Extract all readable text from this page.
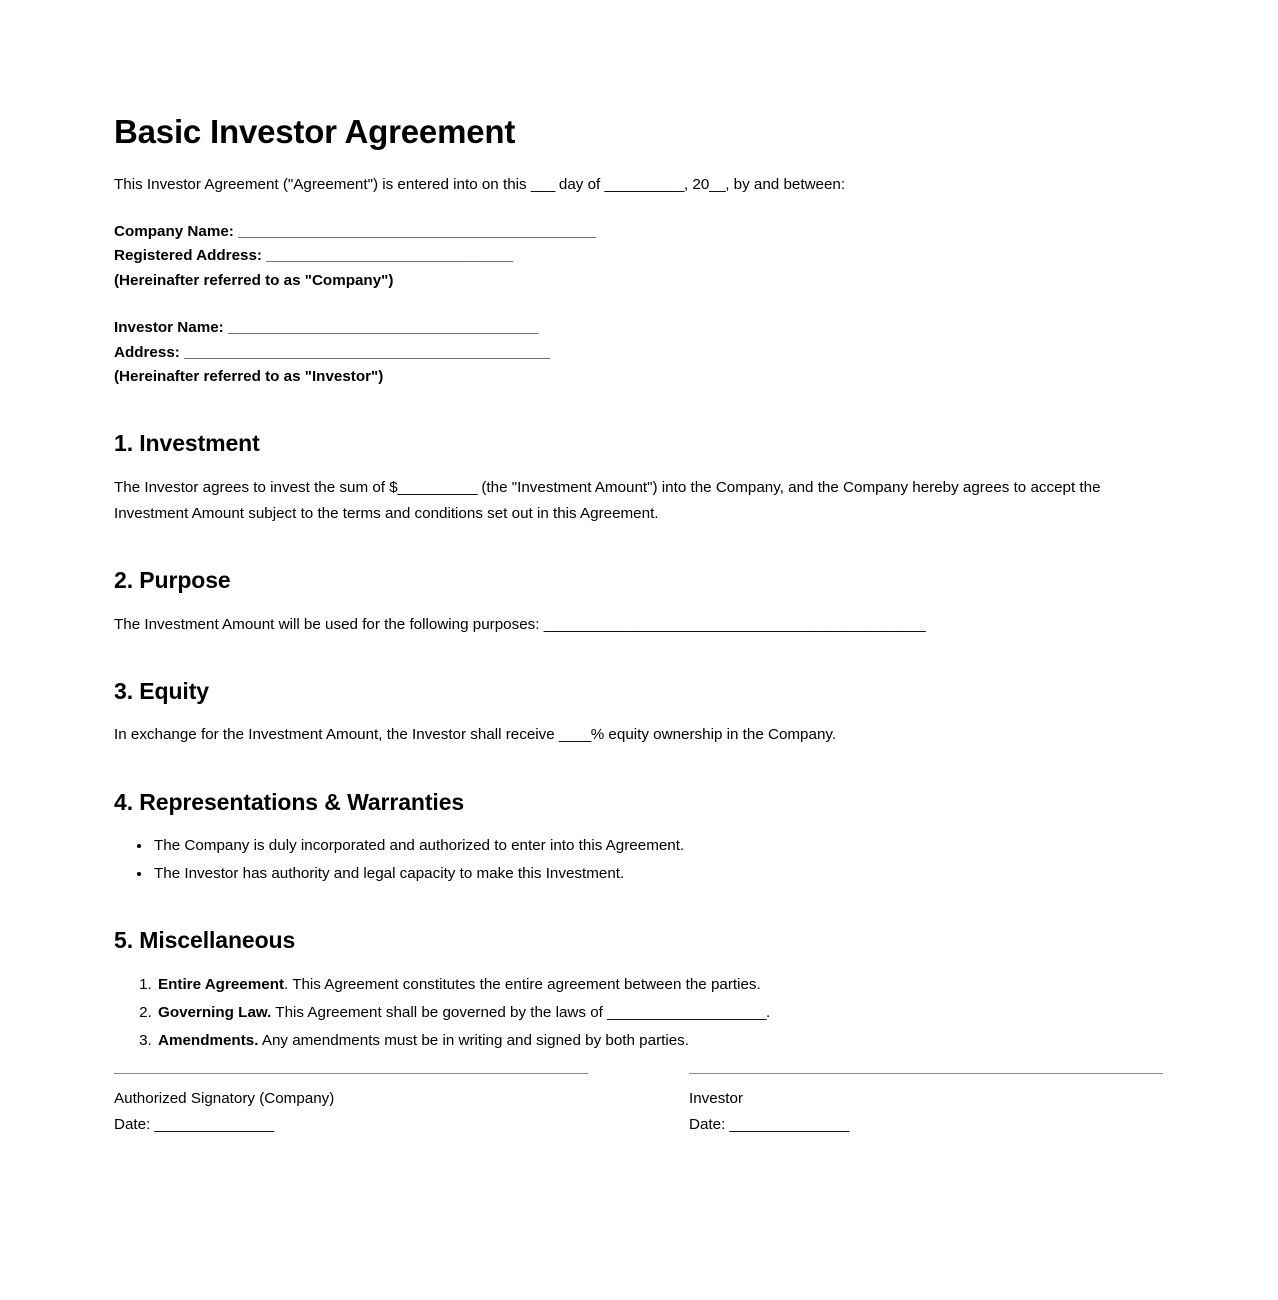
Basic Investor Agreement

This Investor Agreement ("Agreement") is entered into on this ___ day of __________, 20__, by and between:

Company Name: _____________________________________________
Registered Address: _______________________________
(Hereinafter referred to as "Company")
Investor Name: _______________________________________
Address: ______________________________________________
(Hereinafter referred to as "Investor")
1. Investment

The Investor agrees to invest the sum of $__________ (the "Investment Amount") into the Company, and the Company hereby agrees to accept the Investment Amount subject to the terms and conditions set out in this Agreement.

2. Purpose

The Investment Amount will be used for the following purposes: ________________________________________________

3. Equity

In exchange for the Investment Amount, the Investor shall receive ____% equity ownership in the Company.

4. Representations & Warranties
• The Company is duly incorporated and authorized to enter into this Agreement.
• The Investor has authority and legal capacity to make this Investment.
5. Miscellaneous
1. Entire Agreement. This Agreement constitutes the entire agreement between the parties.
2. Governing Law. This Agreement shall be governed by the laws of ____________________.
3. Amendments. Any amendments must be in writing and signed by both parties.

Authorized Signatory (Company)

Date: _______________

Investor

Date: _______________
